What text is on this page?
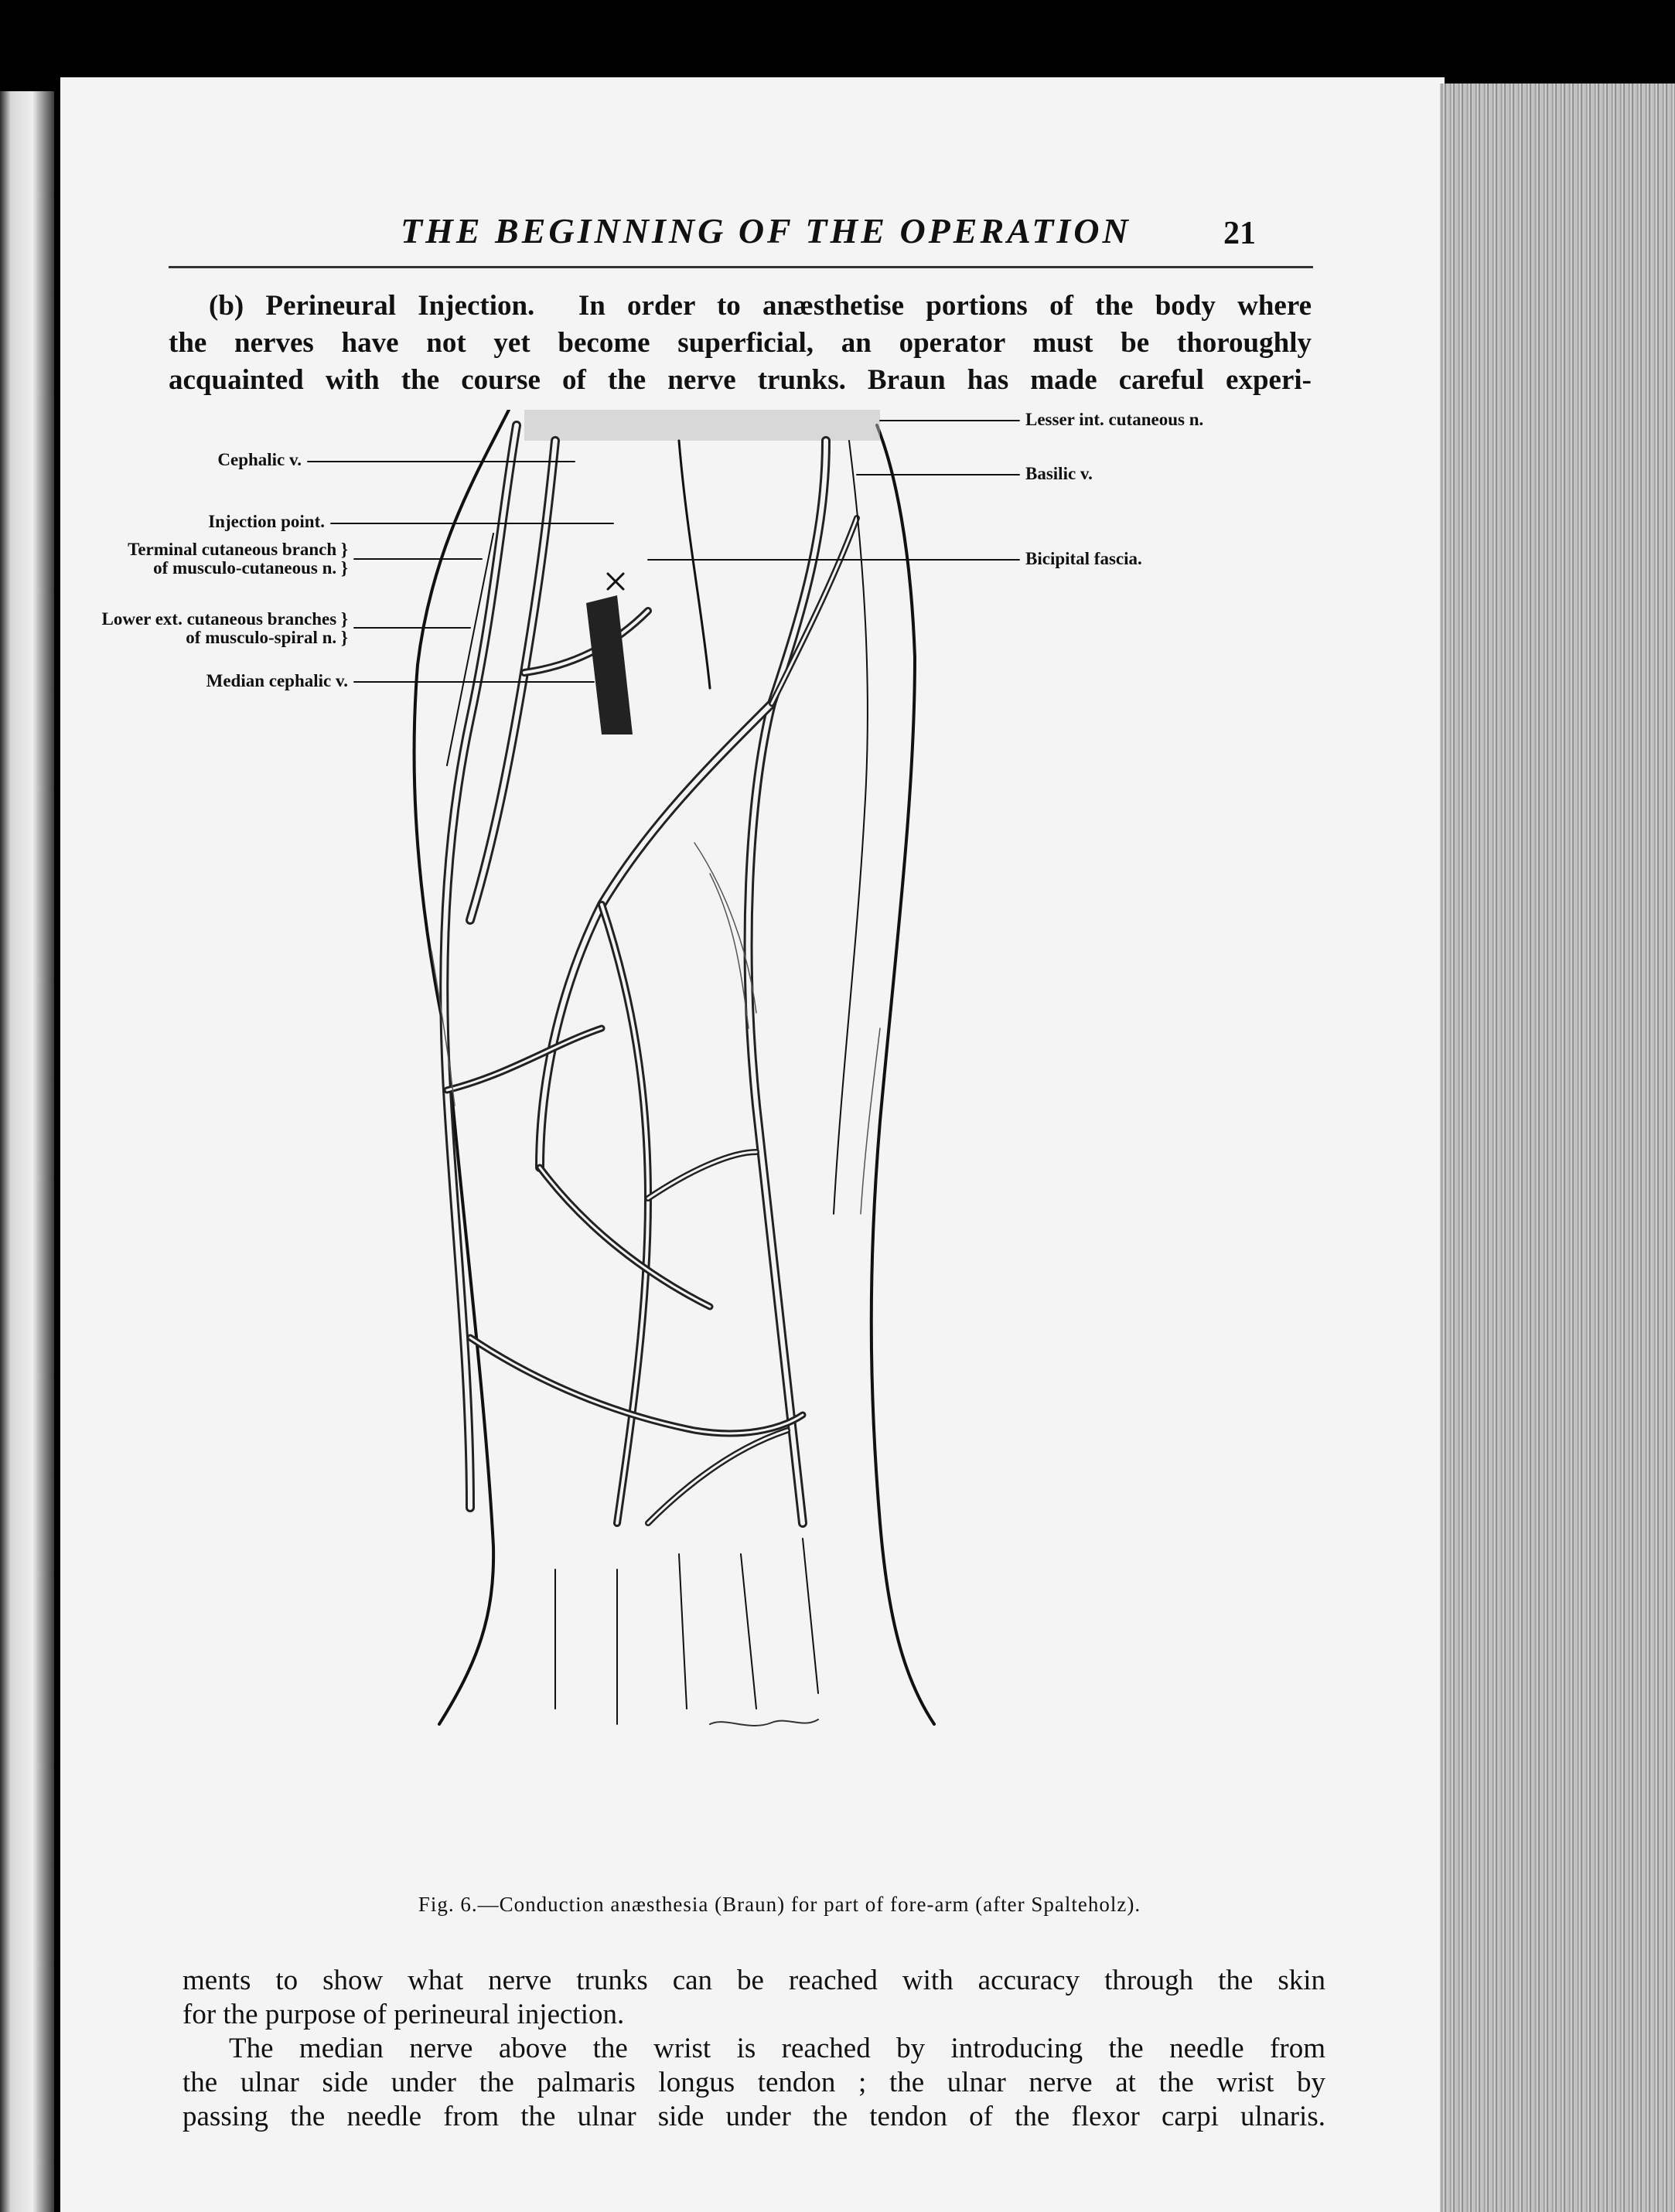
THE BEGINNING OF THE OPERATION	21
(b) Perineural Injection. In order to anæsthetise portions of the body where
the nerves have not yet become superficial, an operator must be thoroughly
acquainted with the course of the nerve trunks. Braun has made careful experi-
Cephalic v.
Injection point.
Terminal cutaneous branch }
of musculo-cutaneous n. }
Lower ext. cutaneous branches }
of musculo-spiral n. }
Median cephalic v.
Lesser int. cutaneous n.
Basilic v.
Bicipital fascia.
Fig. 6.—Conduction anæsthesia (Braun) for part of fore-arm (after Spalteholz).

ments to show what nerve trunks can be reached with accuracy through the skin

for the purpose of perineural injection.

The median nerve above the wrist is reached by introducing the needle from

the ulnar side under the palmaris longus tendon ; the ulnar nerve at the wrist by

passing the needle from the ulnar side under the tendon of the flexor carpi ulnaris.
